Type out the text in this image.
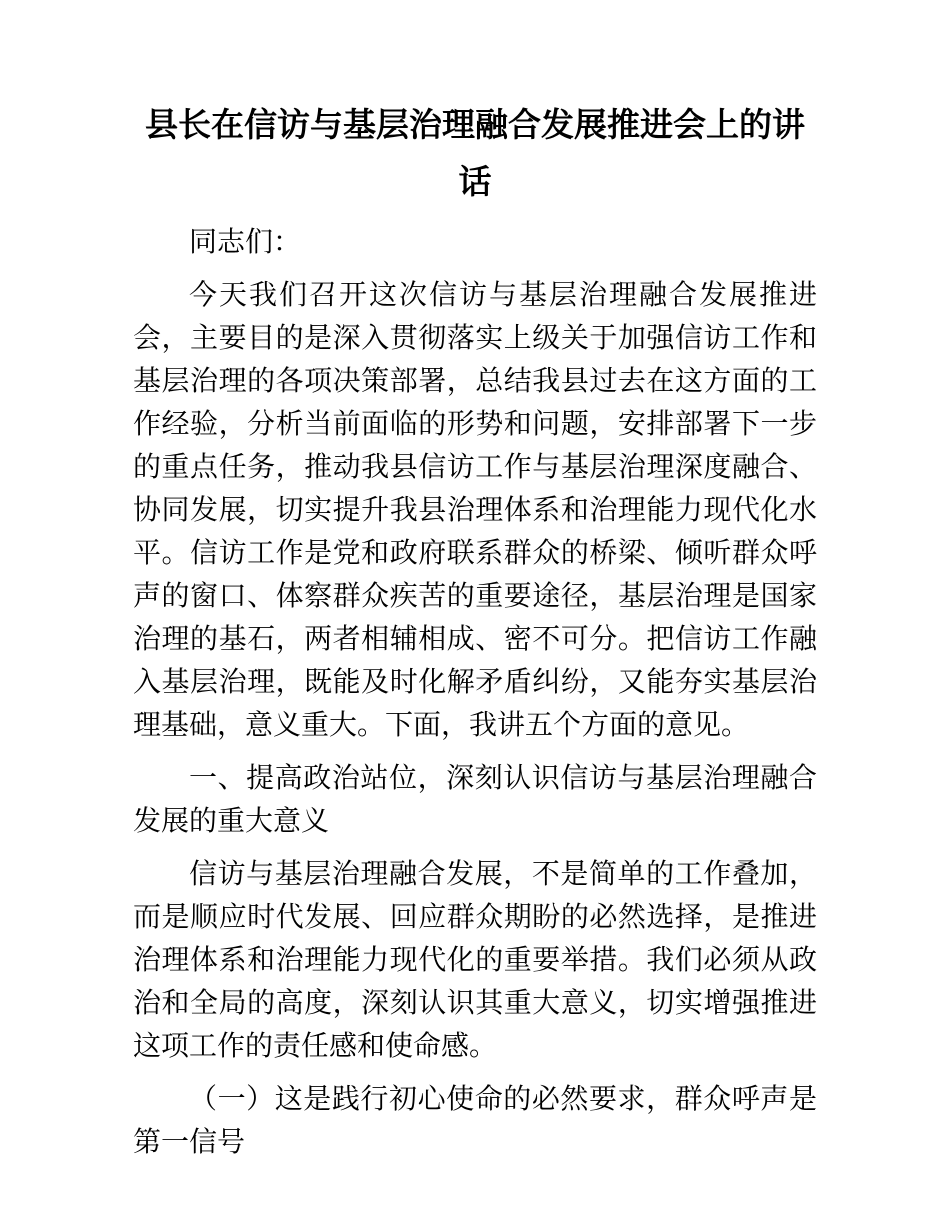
县长在信访与基层治理融合发展推进会上的讲话

同志们：

今天我们召开这次信访与基层治理融合发展推进会，主要目的是深入贯彻落实上级关于加强信访工作和基层治理的各项决策部署，总结我县过去在这方面的工作经验，分析当前面临的形势和问题，安排部署下一步的重点任务，推动我县信访工作与基层治理深度融合、协同发展，切实提升我县治理体系和治理能力现代化水平。信访工作是党和政府联系群众的桥梁、倾听群众呼声的窗口、体察群众疾苦的重要途径，基层治理是国家治理的基石，两者相辅相成、密不可分。把信访工作融入基层治理，既能及时化解矛盾纠纷，又能夯实基层治理基础，意义重大。下面，我讲五个方面的意见。

一、提高政治站位，深刻认识信访与基层治理融合发展的重大意义

信访与基层治理融合发展，不是简单的工作叠加，而是顺应时代发展、回应群众期盼的必然选择，是推进治理体系和治理能力现代化的重要举措。我们必须从政治和全局的高度，深刻认识其重大意义，切实增强推进这项工作的责任感和使命感。

（一）这是践行初心使命的必然要求，群众呼声是第一信号
